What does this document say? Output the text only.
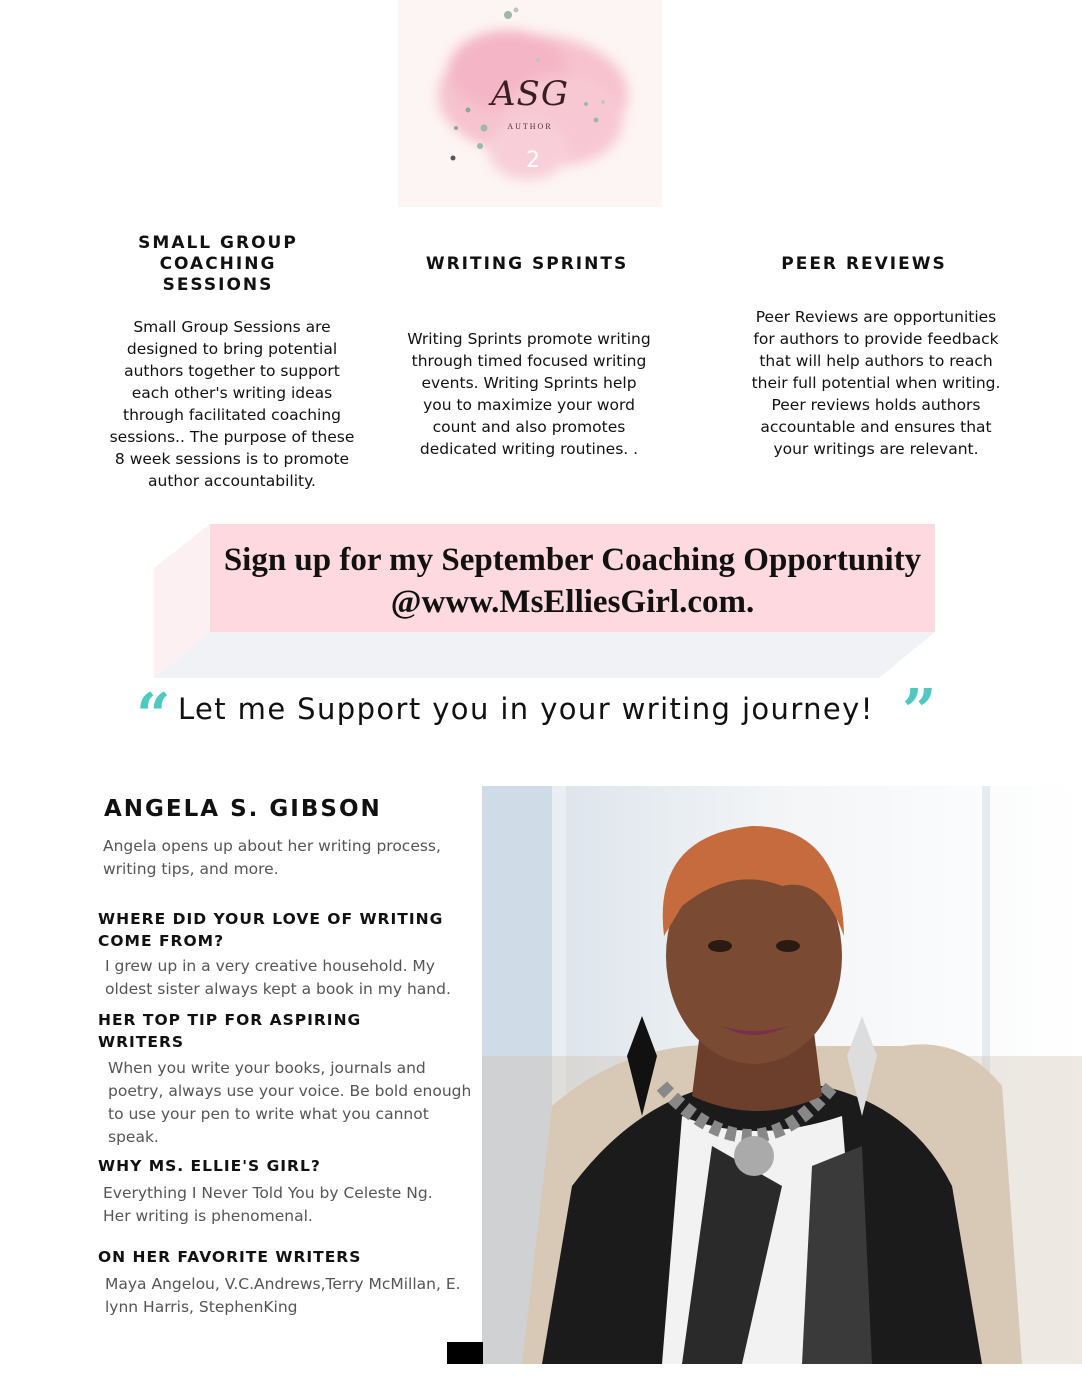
ASG
AUTHOR
2
SMALL GROUP COACHING SESSIONS
Small Group Sessions are designed to bring potential authors together to support each other's writing ideas through facilitated coaching sessions.. The purpose of these 8 week sessions is to promote author accountability.
WRITING SPRINTS
Writing Sprints promote writing through timed focused writing events. Writing Sprints help you to maximize your word count and also promotes dedicated writing routines. .
PEER REVIEWS
Peer Reviews are opportunities for authors to provide feedback that will help authors to reach their full potential when writing. Peer reviews holds authors accountable and ensures that your writings are relevant.
Sign up for my September Coaching Opportunity
@www.MsElliesGirl.com.
“ Let me Support you in your writing journey! ”
ANGELA S. GIBSON
Angela opens up about her writing process, writing tips, and more.
WHERE DID YOUR LOVE OF WRITING COME FROM?
I grew up in a very creative household. My oldest sister always kept a book in my hand.
HER TOP TIP FOR ASPIRING WRITERS
When you write your books, journals and poetry, always use your voice. Be bold enough to use your pen to write what you cannot speak.
WHY MS. ELLIE'S GIRL?
Everything I Never Told You by Celeste Ng. Her writing is phenomenal.
ON HER FAVORITE WRITERS
Maya Angelou, V.C.Andrews,Terry McMillan, E. lynn Harris, StephenKing
